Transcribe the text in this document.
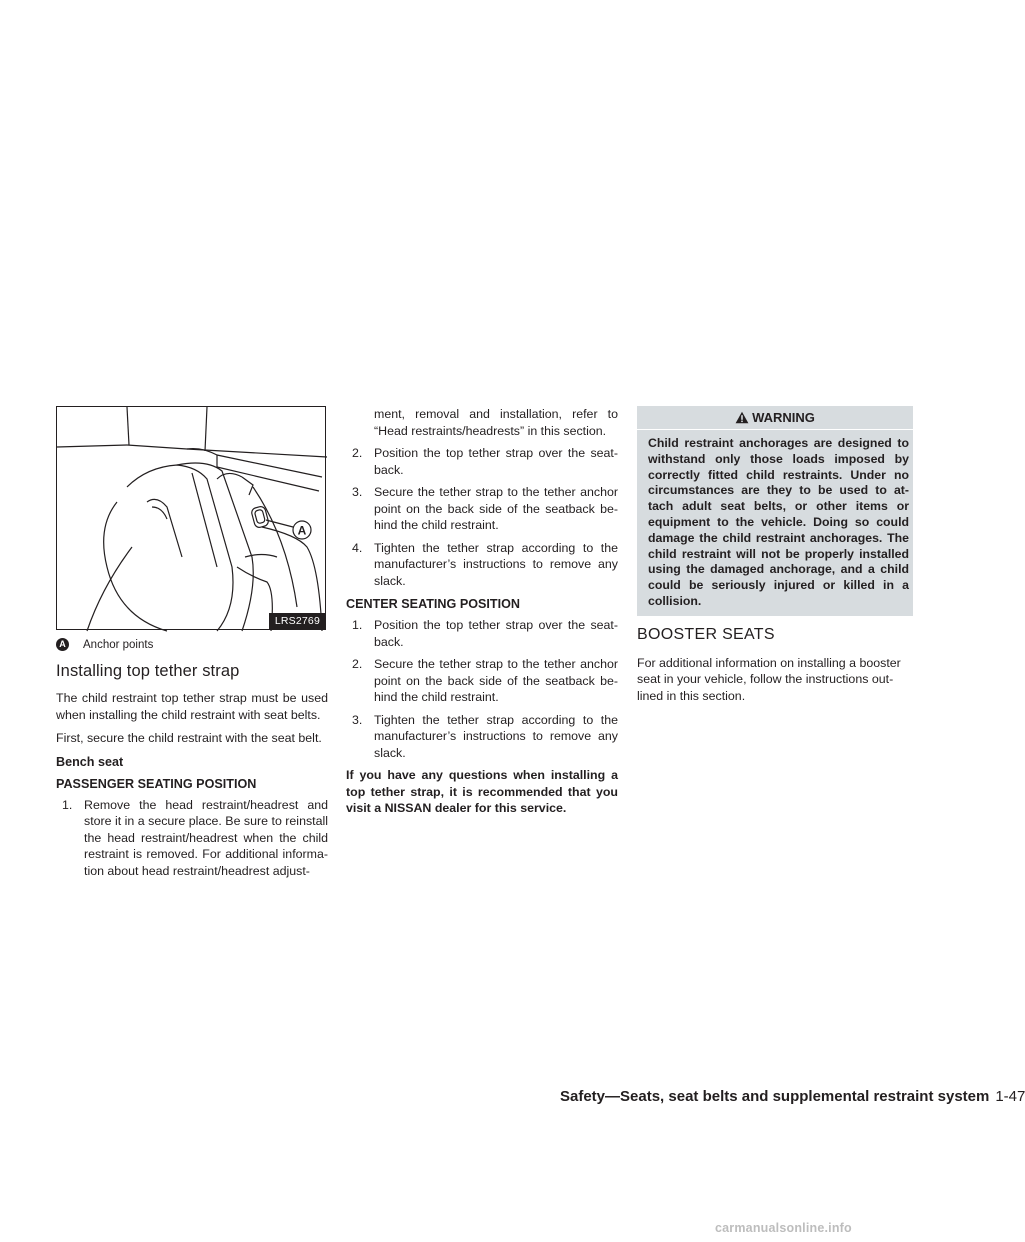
A
LRS2769
A Anchor points
Installing top tether strap

The child restraint top tether strap must be used when installing the child restraint with seat belts.

First, secure the child restraint with the seat belt.

Bench seat
PASSENGER SEATING POSITION
1. Remove the head restraint/headrest and store it in a secure place. Be sure to reinstall the head restraint/headrest when the child restraint is removed. For additional informa- tion about head restraint/headrest adjust-
ment, removal and installation, refer to “Head restraints/headrests” in this section.
2. Position the top tether strap over the seat- back.
3. Secure the tether strap to the tether anchor point on the back side of the seatback be- hind the child restraint.
4. Tighten the tether strap according to the manufacturer’s instructions to remove any slack.
CENTER SEATING POSITION
1. Position the top tether strap over the seat- back.
2. Secure the tether strap to the tether anchor point on the back side of the seatback be- hind the child restraint.
3. Tighten the tether strap according to the manufacturer’s instructions to remove any slack.

If you have any questions when installing a top tether strap, it is recommended that you visit a NISSAN dealer for this service.

WARNING
Child restraint anchorages are designed to withstand only those loads imposed by correctly fitted child restraints. Under no circumstances are they to be used to at- tach adult seat belts, or other items or equipment to the vehicle. Doing so could damage the child restraint anchorages. The child restraint will not be properly installed using the damaged anchorage, and a child could be seriously injured or killed in a collision.
BOOSTER SEATS

For additional information on installing a booster seat in your vehicle, follow the instructions out- lined in this section.

Safety—Seats, seat belts and supplemental restraint system 1-47
carmanualsonline.info
